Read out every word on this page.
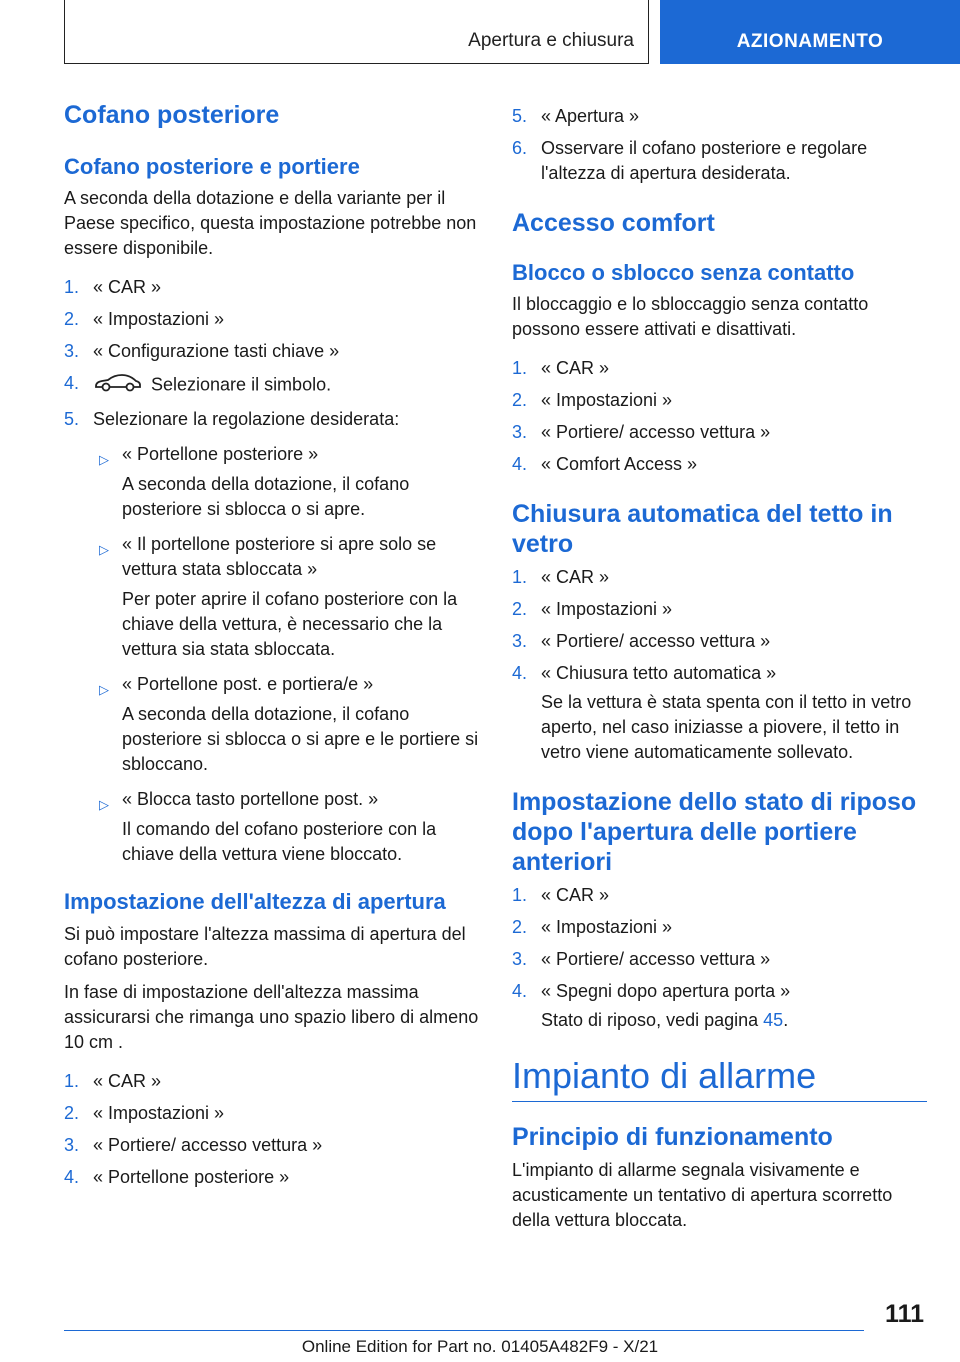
Apertura e chiusura	AZIONAMENTO
Cofano posteriore
Cofano posteriore e portiere

A seconda della dotazione e della variante per il Paese specifico, questa impostazione potrebbe non essere disponibile.

1. « CAR »
2. « Impostazioni »
3. « Configurazione tasti chiave »
4.	Selezionare il simbolo.
5. Selezionare la regolazione desiderata:
▷ « Portellone posteriore »
A seconda della dotazione, il cofano posteriore si sblocca o si apre.
▷ « Il portellone posteriore si apre solo se vettura stata sbloccata »
Per poter aprire il cofano posteriore con la chiave della vettura, è necessario che la vettura sia stata sbloccata.
▷ « Portellone post. e portiera/e »
A seconda della dotazione, il cofano posteriore si sblocca o si apre e le portiere si sbloccano.
▷ « Blocca tasto portellone post. »
Il comando del cofano posteriore con la chiave della vettura viene bloccato.
Impostazione dell'altezza di apertura

Si può impostare l'altezza massima di apertura del cofano posteriore.

In fase di impostazione dell'altezza massima assicurarsi che rimanga uno spazio libero di almeno 10 cm .

1. « CAR »
2. « Impostazioni »
3. « Portiere/ accesso vettura »
4. « Portellone posteriore »
5. « Apertura »
6. Osservare il cofano posteriore e regolare l'altezza di apertura desiderata.
Accesso comfort
Blocco o sblocco senza contatto

Il bloccaggio e lo sbloccaggio senza contatto possono essere attivati e disattivati.

1. « CAR »
2. « Impostazioni »
3. « Portiere/ accesso vettura »
4. « Comfort Access »
Chiusura automatica del tetto in vetro
1. « CAR »
2. « Impostazioni »
3. « Portiere/ accesso vettura »
4. « Chiusura tetto automatica »
Se la vettura è stata spenta con il tetto in vetro aperto, nel caso iniziasse a piovere, il tetto in vetro viene automaticamente sollevato.
Impostazione dello stato di riposo dopo l'apertura delle portiere anteriori
1. « CAR »
2. « Impostazioni »
3. « Portiere/ accesso vettura »
4. « Spegni dopo apertura porta »
Stato di riposo, vedi pagina 45.
Impianto di allarme
Principio di funzionamento

L'impianto di allarme segnala visivamente e acusticamente un tentativo di apertura scorretto della vettura bloccata.

111
Online Edition for Part no. 01405A482F9 - X/21
